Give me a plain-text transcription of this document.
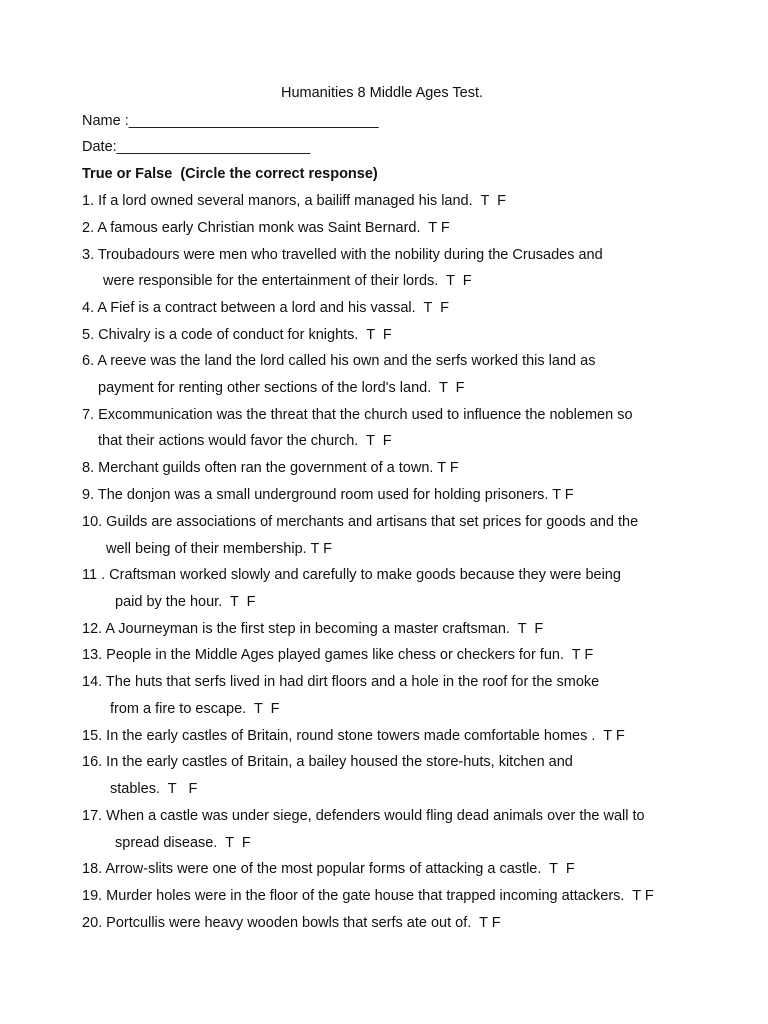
Humanities 8 Middle Ages Test.
Name :_______________________________
Date:________________________
True or False  (Circle the correct response)
1. If a lord owned several manors, a bailiff managed his land.  T  F
2. A famous early Christian monk was Saint Bernard.  T F
3. Troubadours were men who travelled with the nobility during the Crusades and
were responsible for the entertainment of their lords.  T  F
4. A Fief is a contract between a lord and his vassal.  T  F
5. Chivalry is a code of conduct for knights.  T  F
6. A reeve was the land the lord called his own and the serfs worked this land as
payment for renting other sections of the lord's land.  T  F
7. Excommunication was the threat that the church used to influence the noblemen so
that their actions would favor the church.  T  F
8. Merchant guilds often ran the government of a town. T F
9. The donjon was a small underground room used for holding prisoners. T F
10. Guilds are associations of merchants and artisans that set prices for goods and the
well being of their membership. T F
11 . Craftsman worked slowly and carefully to make goods because they were being
paid by the hour.  T  F
12. A Journeyman is the first step in becoming a master craftsman.  T  F
13. People in the Middle Ages played games like chess or checkers for fun.  T F
14. The huts that serfs lived in had dirt floors and a hole in the roof for the smoke
from a fire to escape.  T  F
15. In the early castles of Britain, round stone towers made comfortable homes .  T F
16. In the early castles of Britain, a bailey housed the store-huts, kitchen and
stables.  T   F
17. When a castle was under siege, defenders would fling dead animals over the wall to
spread disease.  T  F
18. Arrow-slits were one of the most popular forms of attacking a castle.  T  F
19. Murder holes were in the floor of the gate house that trapped incoming attackers.  T F
20. Portcullis were heavy wooden bowls that serfs ate out of.  T F
